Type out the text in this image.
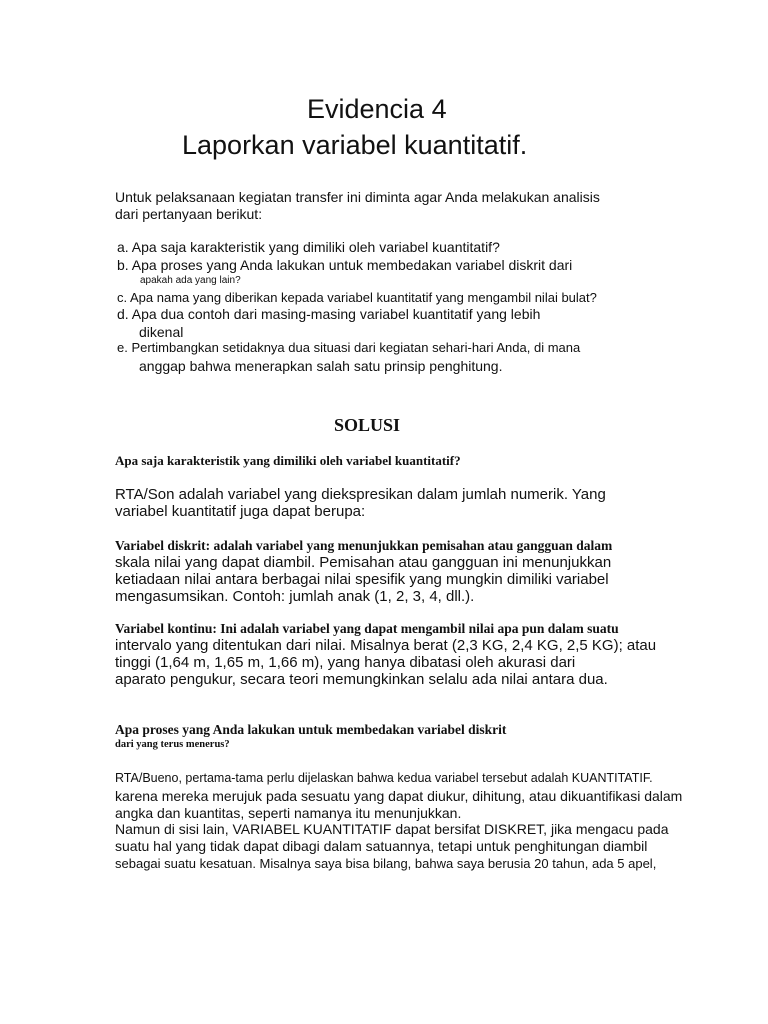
Evidencia 4
Laporkan variabel kuantitatif.
Untuk pelaksanaan kegiatan transfer ini diminta agar Anda melakukan analisis
dari pertanyaan berikut:
a. Apa saja karakteristik yang dimiliki oleh variabel kuantitatif?
b. Apa proses yang Anda lakukan untuk membedakan variabel diskrit dari
apakah ada yang lain?
c. Apa nama yang diberikan kepada variabel kuantitatif yang mengambil nilai bulat?
d. Apa dua contoh dari masing-masing variabel kuantitatif yang lebih
dikenal
e. Pertimbangkan setidaknya dua situasi dari kegiatan sehari-hari Anda, di mana
anggap bahwa menerapkan salah satu prinsip penghitung.
SOLUSI
Apa saja karakteristik yang dimiliki oleh variabel kuantitatif?
RTA/Son adalah variabel yang diekspresikan dalam jumlah numerik. Yang
variabel kuantitatif juga dapat berupa:
Variabel diskrit: adalah variabel yang menunjukkan pemisahan atau gangguan dalam
skala nilai yang dapat diambil. Pemisahan atau gangguan ini menunjukkan
ketiadaan nilai antara berbagai nilai spesifik yang mungkin dimiliki variabel
mengasumsikan. Contoh: jumlah anak (1, 2, 3, 4, dll.).
Variabel kontinu: Ini adalah variabel yang dapat mengambil nilai apa pun dalam suatu
intervalo yang ditentukan dari nilai. Misalnya berat (2,3 KG, 2,4 KG, 2,5 KG); atau
tinggi (1,64 m, 1,65 m, 1,66 m), yang hanya dibatasi oleh akurasi dari
aparato pengukur, secara teori memungkinkan selalu ada nilai antara dua.
Apa proses yang Anda lakukan untuk membedakan variabel diskrit
dari yang terus menerus?
RTA/Bueno, pertama-tama perlu dijelaskan bahwa kedua variabel tersebut adalah KUANTITATIF.
karena mereka merujuk pada sesuatu yang dapat diukur, dihitung, atau dikuantifikasi dalam
angka dan kuantitas, seperti namanya itu menunjukkan.
Namun di sisi lain, VARIABEL KUANTITATIF dapat bersifat DISKRET, jika mengacu pada
suatu hal yang tidak dapat dibagi dalam satuannya, tetapi untuk penghitungan diambil
sebagai suatu kesatuan. Misalnya saya bisa bilang, bahwa saya berusia 20 tahun, ada 5 apel,
